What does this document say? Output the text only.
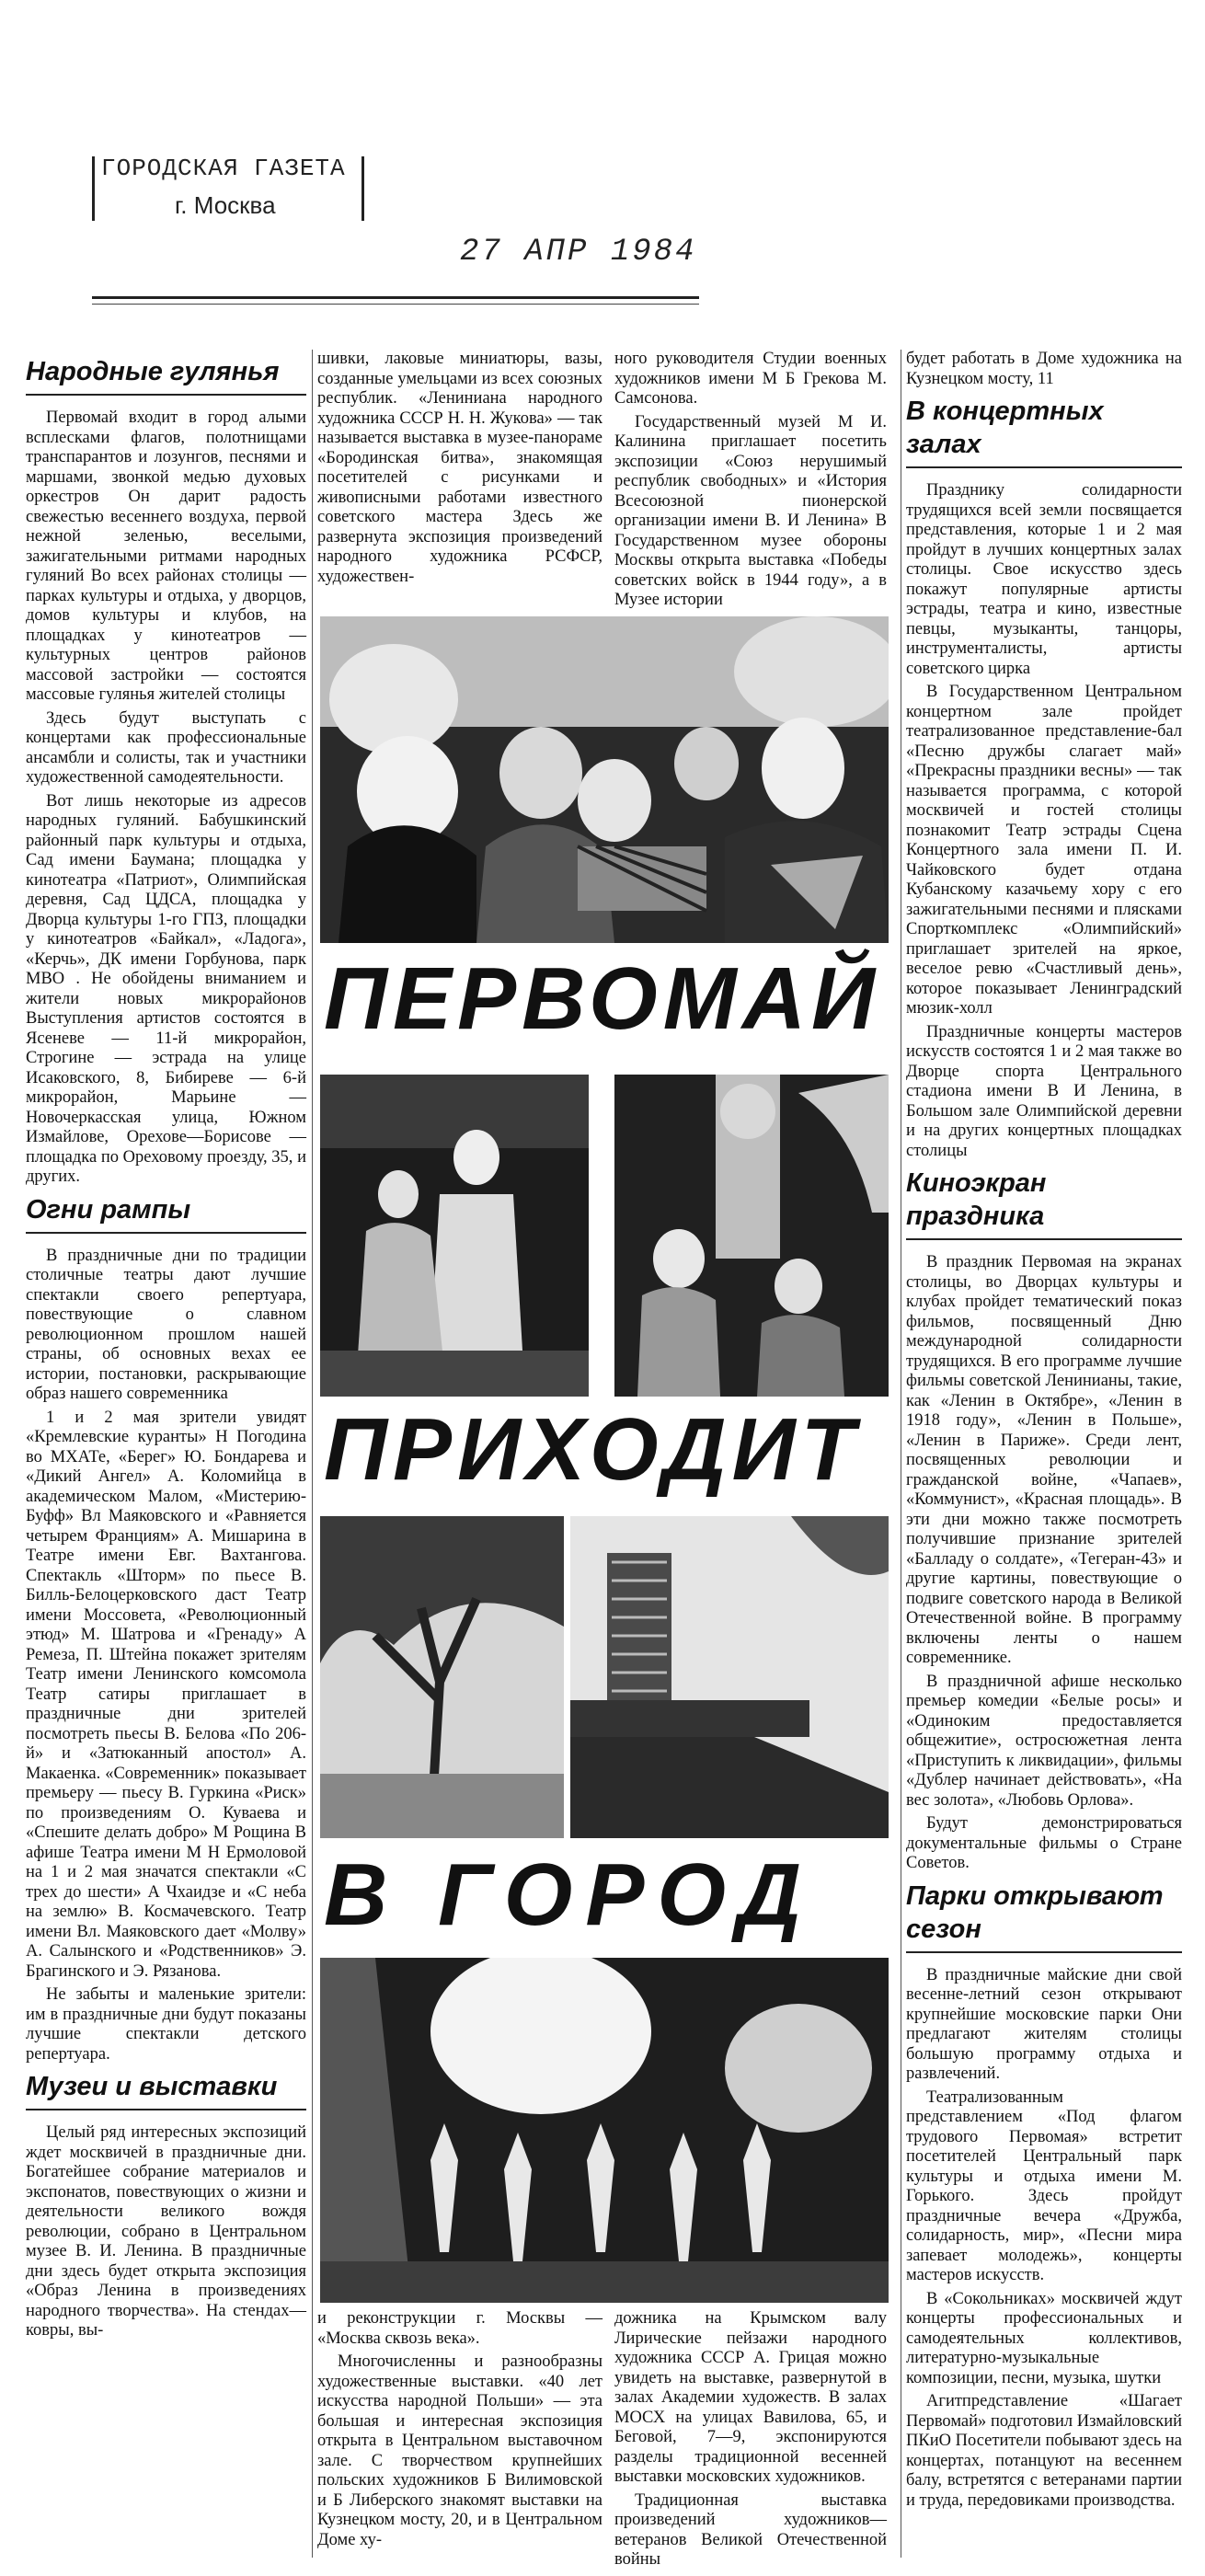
ГОРОДСКАЯ ГАЗЕТА
г. Москва
27 АПР 1984
Народные гулянья

Первомай входит в город алыми всплесками флагов, полотнищами транспарантов и лозунгов, песнями и маршами, звонкой медью духовых оркестров Он дарит радость свежестью весеннего воздуха, первой нежной зеленью, веселыми, зажигательными ритмами народных гуляний Во всех районах столицы — парках культуры и отдыха, у дворцов, домов культуры и клубов, на площадках у кинотеатров — культурных центров районов массовой застройки — состоятся массовые гулянья жителей столицы

Здесь будут выступать с концертами как профессиональные ансамбли и солисты, так и участники художественной самодеятельности.

Вот лишь некоторые из адресов народных гуляний. Бабушкинский районный парк культуры и отдыха, Сад имени Баумана; площадка у кинотеатра «Патриот», Олимпийская деревня, Сад ЦДСА, площадка у Дворца культуры 1-го ГПЗ, площадки у кинотеатров «Байкал», «Ладога», «Керчь», ДК имени Горбунова, парк МВО . Не обойдены вниманием и жители новых микрорайонов Выступления артистов состоятся в Ясеневе — 11-й микрорайон, Строгине — эстрада на улице Исаковского, 8, Бибиреве — 6-й микрорайон, Марьине — Новочеркасская улица, Южном Измайлове, Орехове—Борисове — площадка по Ореховому проезду, 35, и других.

Огни рампы

В праздничные дни по традиции столичные театры дают лучшие спектакли своего репертуара, повествующие о славном революционном прошлом нашей страны, об основных вехах ее истории, постановки, раскрывающие образ нашего современника

1 и 2 мая зрители увидят «Кремлевские куранты» Н Погодина во МХАТе, «Берег» Ю. Бондарева и «Дикий Ангел» А. Коломийца в академическом Малом, «Мистерию-Буфф» Вл Маяковского и «Равняется четырем Франциям» А. Мишарина в Театре имени Евг. Вахтангова. Спектакль «Шторм» по пьесе В. Билль-Белоцерковского даст Театр имени Моссовета, «Революционный этюд» М. Шатрова и «Гренаду» А Ремеза, П. Штейна покажет зрителям Театр имени Ленинского комсомола Театр сатиры приглашает в праздничные дни зрителей посмотреть пьесы В. Белова «По 206-й» и «Затюканный апостол» А. Макаенка. «Современник» показывает премьеру — пьесу В. Гуркина «Риск» по произведениям О. Куваева и «Спешите делать добро» М Рощина В афише Театра имени М Н Ермоловой на 1 и 2 мая значатся спектакли «С трех до шести» А Чхаидзе и «С неба на землю» В. Космачевского. Театр имени Вл. Маяковского дает «Молву» А. Салынского и «Родственников» Э. Брагинского и Э. Рязанова.

Не забыты и маленькие зрители: им в праздничные дни будут показаны лучшие спектакли детского репертуара.

Музеи и выставки

Целый ряд интересных экспозиций ждет москвичей в праздничные дни. Богатейшее собрание материалов и экспонатов, повествующих о жизни и деятельности великого вождя революции, собрано в Центральном музее В. И. Ленина. В праздничные дни здесь будет открыта экспозиция «Образ Ленина в произведениях народного творчества». На стендах—ковры, вы-

шивки, лаковые миниатюры, вазы, созданные умельцами из всех союзных республик. «Лениниана народного художника СССР Н. Н. Жукова» — так называется выставка в музее-панораме «Бородинская битва», знакомящая посетителей с рисунками и живописными работами известного советского мастера Здесь же развернута экспозиция произведений народного художника РСФСР, художествен-

ного руководителя Студии военных художников имени М Б Грекова М. Самсонова.

Государственный музей М И. Калинина приглашает посетить экспозиции «Союз нерушимый республик свободных» и «История Всесоюзной пионерской организации имени В. И Ленина» В Государственном музее обороны Москвы открыта выставка «Победы советских войск в 1944 году», а в Музее истории

будет работать в Доме художника на Кузнецком мосту, 11

В концертных залах

Празднику солидарности трудящихся всей земли посвящается представления, которые 1 и 2 мая пройдут в лучших концертных залах столицы. Свое искусство здесь покажут популярные артисты эстрады, театра и кино, известные певцы, музыканты, танцоры, инструменталисты, артисты советского цирка

В Государственном Центральном концертном зале пройдет театрализованное представление-бал «Песню дружбы слагает май» «Прекрасны праздники весны» — так называется программа, с которой москвичей и гостей столицы познакомит Театр эстрады Сцена Концертного зала имени П. И. Чайковского будет отдана Кубанскому казачьему хору с его зажигательными песнями и плясками Спорткомплекс «Олимпийский» приглашает зрителей на яркое, веселое ревю «Счастливый день», которое показывает Ленинградский мюзик-холл

Праздничные концерты мастеров искусств состоятся 1 и 2 мая также во Дворце спорта Центрального стадиона имени В И Ленина, в Большом зале Олимпийской деревни и на других концертных площадках столицы

Киноэкран праздника

В праздник Первомая на экранах столицы, во Дворцах культуры и клубах пройдет тематический показ фильмов, посвященный Дню международной солидарности трудящихся. В его программе лучшие фильмы советской Ленинианы, такие, как «Ленин в Октябре», «Ленин в 1918 году», «Ленин в Польше», «Ленин в Париже». Среди лент, посвященных революции и гражданской войне, «Чапаев», «Коммунист», «Красная площадь». В эти дни можно также посмотреть получившие признание зрителей «Балладу о солдате», «Тегеран-43» и другие картины, повествующие о подвиге советского народа в Великой Отечественной войне. В программу включены ленты о нашем современнике.

В праздничной афише несколько премьер комедии «Белые росы» и «Одиноким предоставляется общежитие», остросюжетная лента «Приступить к ликвидации», фильмы «Дублер начинает действовать», «На вес золота», «Любовь Орлова».

Будут демонстрироваться документальные фильмы о Стране Советов.

Парки открывают сезон

В праздничные майские дни свой весенне-летний сезон открывают крупнейшие московские парки Они предлагают жителям столицы большую программу отдыха и развлечений.

Театрализованным представлением «Под флагом трудового Первомая» встретит посетителей Центральный парк культуры и отдыха имени М. Горького. Здесь пройдут праздничные вечера «Дружба, солидарность, мир», «Песни мира запевает молодежь», концерты мастеров искусств.

В «Сокольниках» москвичей ждут концерты профессиональных и самодеятельных коллективов, литературно-музыкальные композиции, песни, музыка, шутки

Агитпредставление «Шагает Первомай» подготовил Измайловский ПКиО Посетители побывают здесь на концертах, потанцуют на весеннем балу, встретятся с ветеранами партии и труда, передовиками производства.

ПЕРВОМАЙ
ПРИХОДИТ
В ГОРОД

и реконструкции г. Москвы — «Москва сквозь века».

Многочисленны и разнообразны художественные выставки. «40 лет искусства народной Польши» — эта большая и интересная экспозиция открыта в Центральном выставочном зале. С творчеством крупнейших польских художников Б Вилимовской и Б Либерского знакомят выставки на Кузнецком мосту, 20, и в Центральном Доме ху-

дожника на Крымском валу Лирические пейзажи народного художника СССР А. Грицая можно увидеть на выставке, развернутой в залах Академии художеств. В залах МОСХ на улицах Вавилова, 65, и Беговой, 7—9, экспонируются разделы традиционной весенней выставки московских художников.

Традиционная выставка произведений художников—ветеранов Великой Отечественной войны
